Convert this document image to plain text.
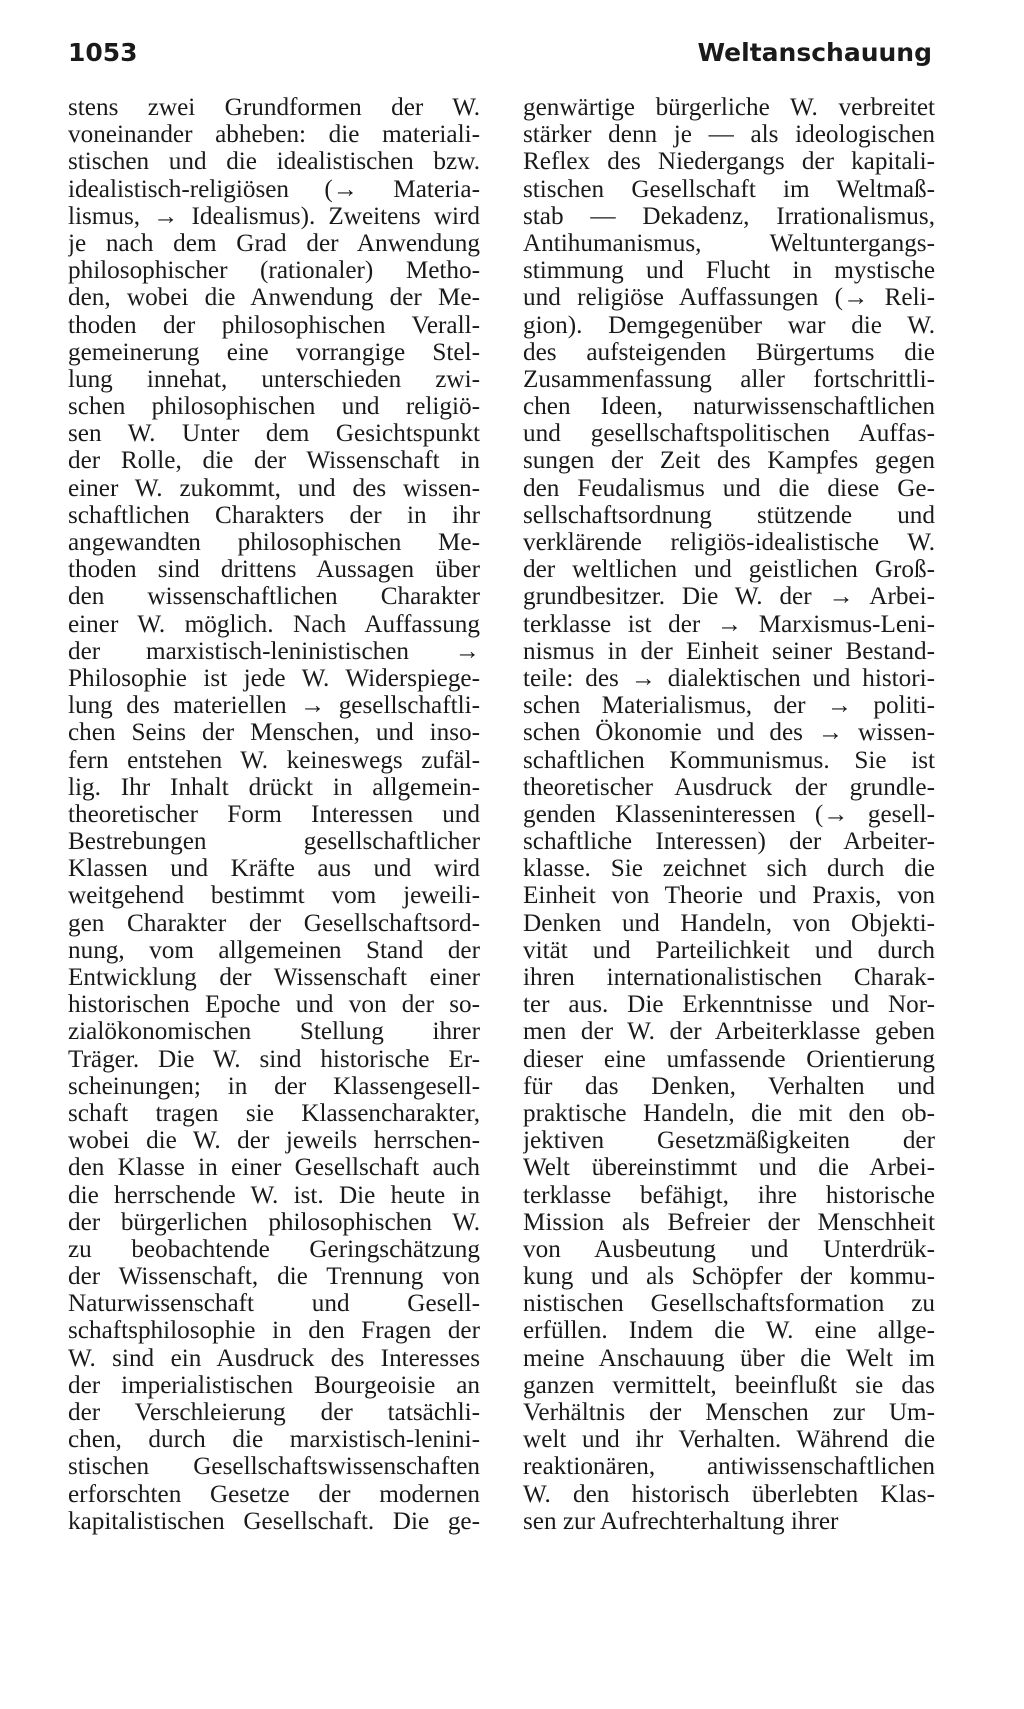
1053	Weltanschauung
stens zwei Grundformen der W.
voneinander abheben: die materiali-
stischen und die idealistischen bzw.
idealistisch-religiösen (→ Materia-
lismus, → Idealismus). Zweitens wird
je nach dem Grad der Anwendung
philosophischer (rationaler) Metho-
den, wobei die Anwendung der Me-
thoden der philosophischen Verall-
gemeinerung eine vorrangige Stel-
lung innehat, unterschieden zwi-
schen philosophischen und religiö-
sen W. Unter dem Gesichtspunkt
der Rolle, die der Wissenschaft in
einer W. zukommt, und des wissen-
schaftlichen Charakters der in ihr
angewandten philosophischen Me-
thoden sind drittens Aussagen über
den wissenschaftlichen Charakter
einer W. möglich. Nach Auffassung
der marxistisch-leninistischen →
Philosophie ist jede W. Widerspiege-
lung des materiellen → gesellschaftli-
chen Seins der Menschen, und inso-
fern entstehen W. keineswegs zufäl-
lig. Ihr Inhalt drückt in allgemein-
theoretischer Form Interessen und
Bestrebungen gesellschaftlicher
Klassen und Kräfte aus und wird
weitgehend bestimmt vom jeweili-
gen Charakter der Gesellschaftsord-
nung, vom allgemeinen Stand der
Entwicklung der Wissenschaft einer
historischen Epoche und von der so-
zialökonomischen Stellung ihrer
Träger. Die W. sind historische Er-
scheinungen; in der Klassengesell-
schaft tragen sie Klassencharakter,
wobei die W. der jeweils herrschen-
den Klasse in einer Gesellschaft auch
die herrschende W. ist. Die heute in
der bürgerlichen philosophischen W.
zu beobachtende Geringschätzung
der Wissenschaft, die Trennung von
Naturwissenschaft und Gesell-
schaftsphilosophie in den Fragen der
W. sind ein Ausdruck des Interesses
der imperialistischen Bourgeoisie an
der Verschleierung der tatsächli-
chen, durch die marxistisch-lenini-
stischen Gesellschaftswissenschaften
erforschten Gesetze der modernen
kapitalistischen Gesellschaft. Die ge-
genwärtige bürgerliche W. verbreitet
stärker denn je — als ideologischen
Reflex des Niedergangs der kapitali-
stischen Gesellschaft im Weltmaß-
stab — Dekadenz, Irrationalismus,
Antihumanismus, Weltuntergangs-
stimmung und Flucht in mystische
und religiöse Auffassungen (→ Reli-
gion). Demgegenüber war die W.
des aufsteigenden Bürgertums die
Zusammenfassung aller fortschrittli-
chen Ideen, naturwissenschaftlichen
und gesellschaftspolitischen Auffas-
sungen der Zeit des Kampfes gegen
den Feudalismus und die diese Ge-
sellschaftsordnung stützende und
verklärende religiös-idealistische W.
der weltlichen und geistlichen Groß-
grundbesitzer. Die W. der → Arbei-
terklasse ist der → Marxismus-Leni-
nismus in der Einheit seiner Bestand-
teile: des → dialektischen und histori-
schen Materialismus, der → politi-
schen Ökonomie und des → wissen-
schaftlichen Kommunismus. Sie ist
theoretischer Ausdruck der grundle-
genden Klasseninteressen (→ gesell-
schaftliche Interessen) der Arbeiter-
klasse. Sie zeichnet sich durch die
Einheit von Theorie und Praxis, von
Denken und Handeln, von Objekti-
vität und Parteilichkeit und durch
ihren internationalistischen Charak-
ter aus. Die Erkenntnisse und Nor-
men der W. der Arbeiterklasse geben
dieser eine umfassende Orientierung
für das Denken, Verhalten und
praktische Handeln, die mit den ob-
jektiven Gesetzmäßigkeiten der
Welt übereinstimmt und die Arbei-
terklasse befähigt, ihre historische
Mission als Befreier der Menschheit
von Ausbeutung und Unterdrük-
kung und als Schöpfer der kommu-
nistischen Gesellschaftsformation zu
erfüllen. Indem die W. eine allge-
meine Anschauung über die Welt im
ganzen vermittelt, beeinflußt sie das
Verhältnis der Menschen zur Um-
welt und ihr Verhalten. Während die
reaktionären, antiwissenschaftlichen
W. den historisch überlebten Klas-
sen zur Aufrechterhaltung ihrer
